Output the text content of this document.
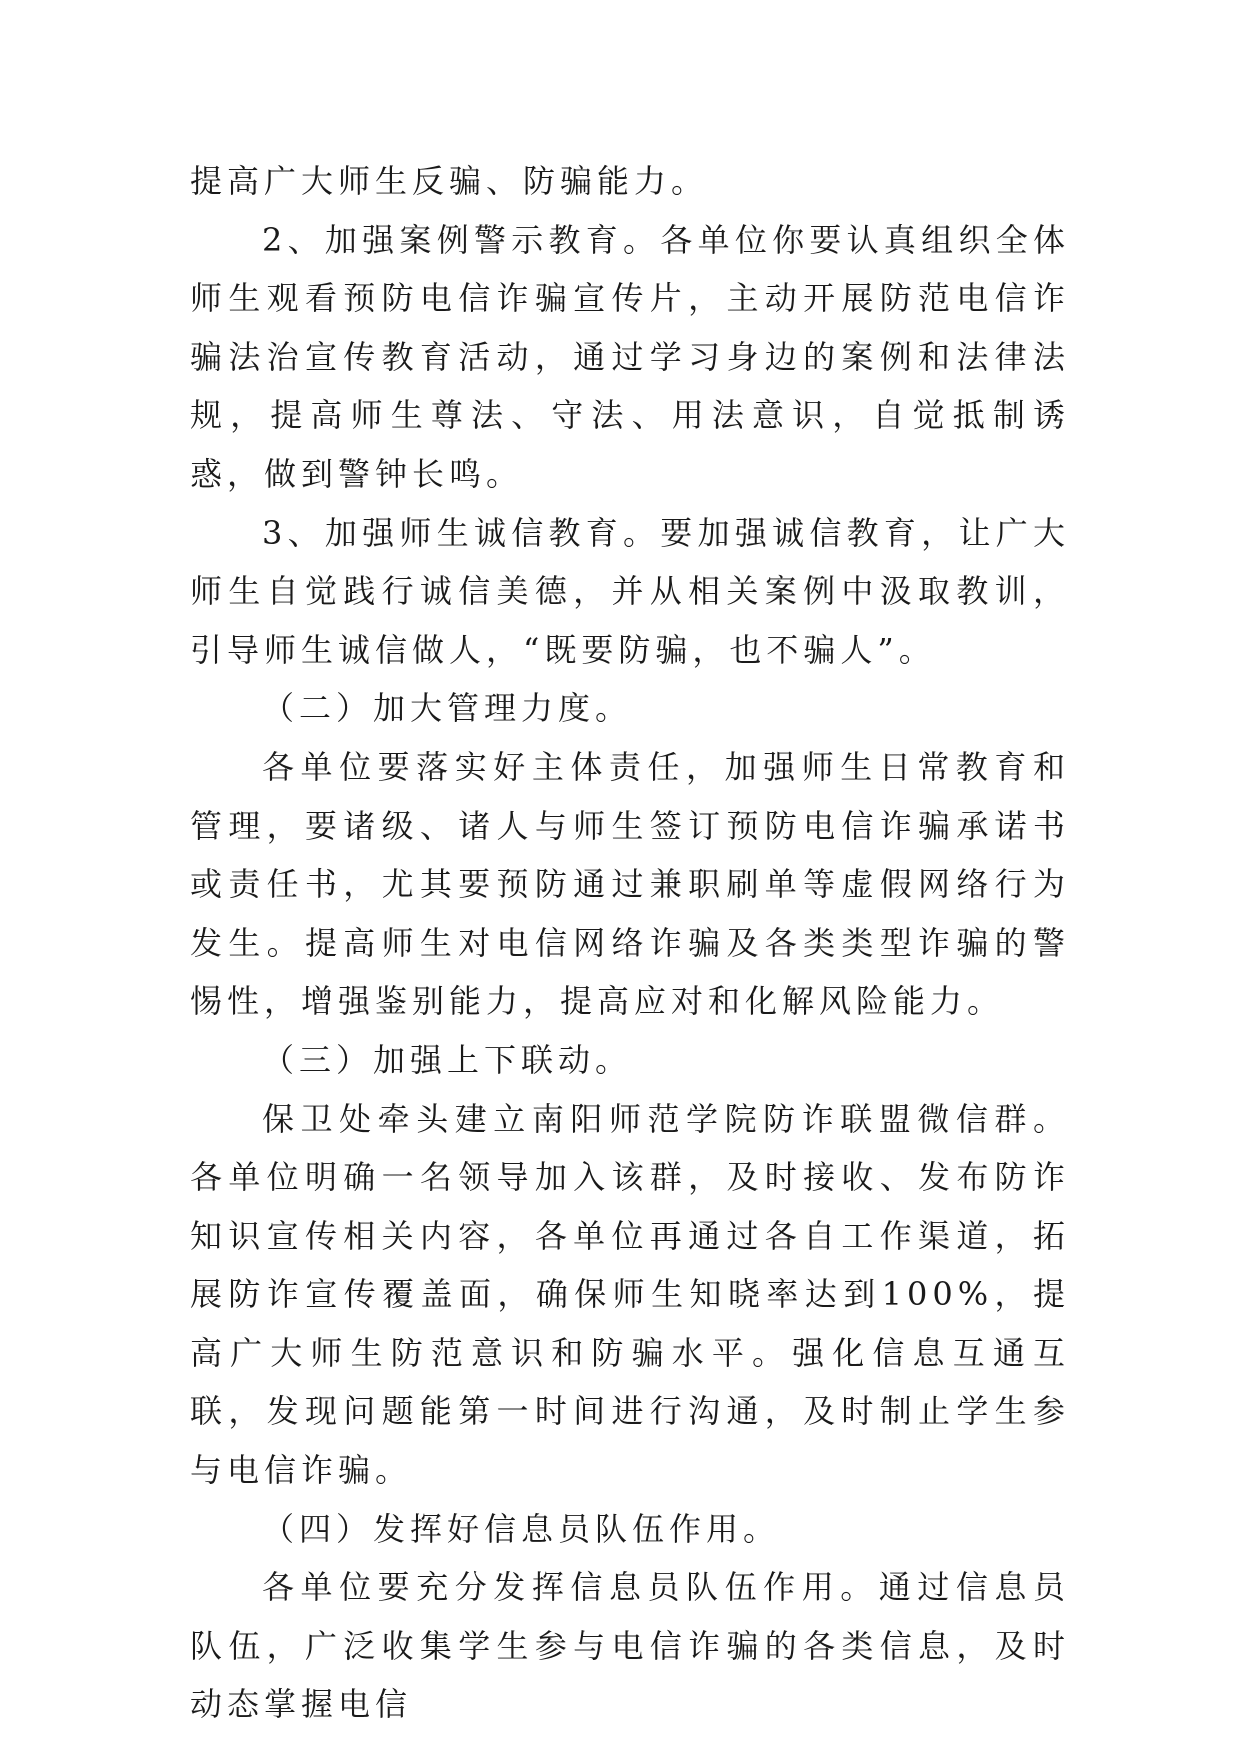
提高广大师生反骗、防骗能力。

2、加强案例警示教育。各单位你要认真组织全体师生观看预防电信诈骗宣传片，主动开展防范电信诈骗法治宣传教育活动，通过学习身边的案例和法律法规，提高师生尊法、守法、用法意识，自觉抵制诱惑，做到警钟长鸣。

3、加强师生诚信教育。要加强诚信教育，让广大师生自觉践行诚信美德，并从相关案例中汲取教训，引导师生诚信做人，“既要防骗，也不骗人”。

（二）加大管理力度。

各单位要落实好主体责任，加强师生日常教育和管理，要诸级、诸人与师生签订预防电信诈骗承诺书或责任书，尤其要预防通过兼职刷单等虚假网络行为发生。提高师生对电信网络诈骗及各类类型诈骗的警惕性，增强鉴别能力，提高应对和化解风险能力。

（三）加强上下联动。

保卫处牵头建立南阳师范学院防诈联盟微信群。各单位明确一名领导加入该群，及时接收、发布防诈知识宣传相关内容，各单位再通过各自工作渠道，拓展防诈宣传覆盖面，确保师生知晓率达到100%，提高广大师生防范意识和防骗水平。强化信息互通互联，发现问题能第一时间进行沟通，及时制止学生参与电信诈骗。

（四）发挥好信息员队伍作用。

各单位要充分发挥信息员队伍作用。通过信息员队伍，广泛收集学生参与电信诈骗的各类信息，及时动态掌握电信
